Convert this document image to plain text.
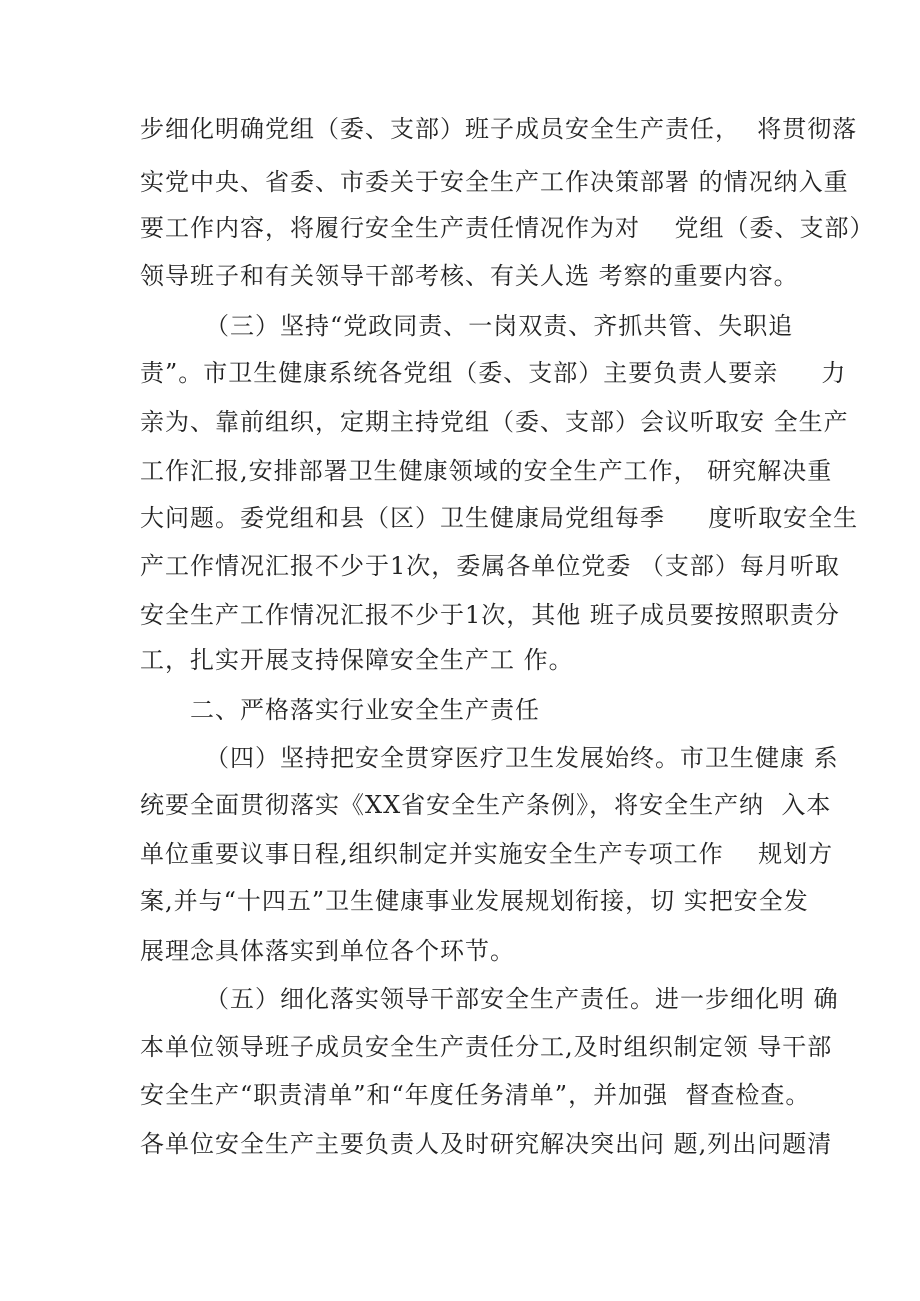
步细化明确党组（委、支部）班子成员安全生产责任，  将贯彻落
实党中央、省委、市委关于安全生产工作决策部署 的情况纳入重
要工作内容，将履行安全生产责任情况作为对    党组（委、支部）
领导班子和有关领导干部考核、有关人选 考察的重要内容。
（三）坚持“党政同责、一岗双责、齐抓共管、失职追
责”。市卫生健康系统各党组（委、支部）主要负责人要亲     力
亲为、靠前组织，定期主持党组（委、支部）会议听取安 全生产
工作汇报,安排部署卫生健康领域的安全生产工作， 研究解决重
大问题。委党组和县（区）卫生健康局党组每季     度听取安全生
产工作情况汇报不少于1次，委属各单位党委 （支部）每月听取
安全生产工作情况汇报不少于1次，其他 班子成员要按照职责分
工，扎实开展支持保障安全生产工 作。
二、严格落实行业安全生产责任
（四）坚持把安全贯穿医疗卫生发展始终。市卫生健康 系
统要全面贯彻落实《XX省安全生产条例》，将安全生产纳  入本
单位重要议事日程,组织制定并实施安全生产专项工作    规划方
案,并与“十四五”卫生健康事业发展规划衔接，切 实把安全发
展理念具体落实到单位各个环节。
（五）细化落实领导干部安全生产责任。进一步细化明 确
本单位领导班子成员安全生产责任分工,及时组织制定领 导干部
安全生产“职责清单”和“年度任务清单”，并加强  督查检查。
各单位安全生产主要负责人及时研究解决突出问 题,列出问题清
